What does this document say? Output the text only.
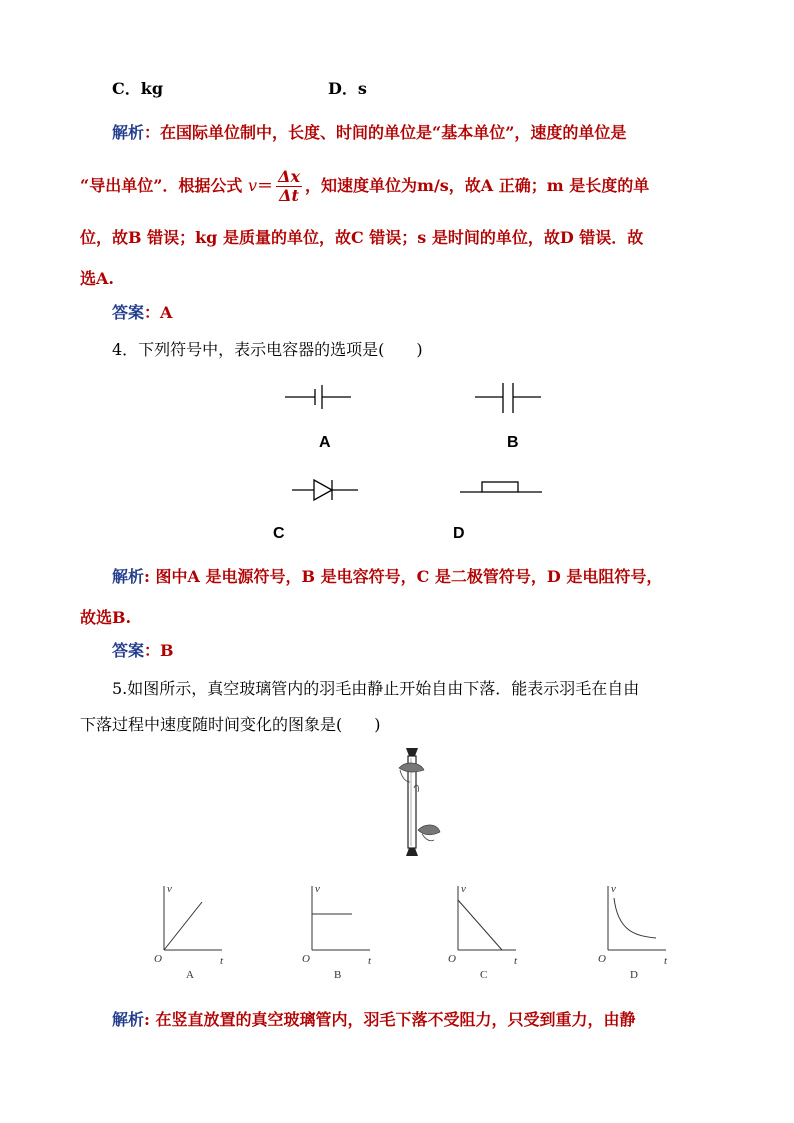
C．kg	D．s
解析：在国际单位制中，长度、时间的单位是“基本单位”，速度的单位是
“导出单位”．根据公式 $v= \frac{\Delta x}{\Delta t}$ ，知速度单位为m/s，故A 正确；m 是长度的单
位，故B 错误；kg 是质量的单位，故C 错误；s 是时间的单位，故D 错误．故
选A.
答案：A
4．下列符号中，表示电容器的选项是(　　)
A	B
C	D
解析: 图中A 是电源符号，B 是电容符号，C 是二极管符号，D 是电阻符号，
故选B.
答案：B
5.如图所示，真空玻璃管内的羽毛由静止开始自由下落．能表示羽毛在自由
下落过程中速度随时间变化的图象是(　　)
v
t
O
A
v
t
O
B
v
t
O
C
v
t
O
D
解析: 在竖直放置的真空玻璃管内，羽毛下落不受阻力，只受到重力，由静
